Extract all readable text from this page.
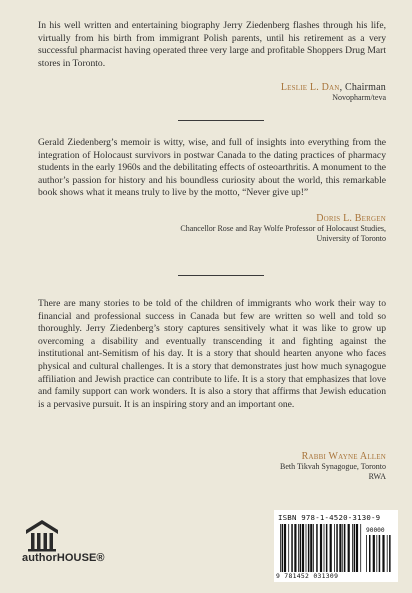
In his well written and entertaining biography Jerry Ziedenberg flashes through his life, virtually from his birth from immigrant Polish parents, until his retirement as a very successful pharmacist having operated three very large and profitable Shoppers Drug Mart stores in Toronto.

Leslie L. Dan, Chairman
Novopharm/teva

Gerald Ziedenberg’s memoir is witty, wise, and full of insights into everything from the integration of Holocaust survivors in postwar Canada to the dating practices of pharmacy students in the early 1960s and the debilitating effects of osteoarthritis. A monument to the author’s passion for history and his boundless curiosity about the world, this remarkable book shows what it means truly to live by the motto, “Never give up!”

Doris L. Bergen
Chancellor Rose and Ray Wolfe Professor of Holocaust Studies,
University of Toronto

There are many stories to be told of the children of immigrants who work their way to financial and professional success in Canada but few are written so well and told so thoroughly. Jerry Ziedenberg’s story captures sensitively what it was like to grow up overcoming a disability and eventually transcending it and fighting against the institutional ant-Semitism of his day. It is a story that should hearten anyone who faces physical and cultural challenges. It is a story that demonstrates just how much synagogue affiliation and Jewish practice can contribute to life. It is a story that emphasizes that love and family support can work wonders. It is also a story that affirms that Jewish education is a pervasive pursuit. It is an inspiring story and an important one.

Rabbi Wayne Allen
Beth Tikvah Synagogue, Toronto
RWA
authorHOUSE®
ISBN 978-1-4520-3130-9
90000
9 781452 031309
